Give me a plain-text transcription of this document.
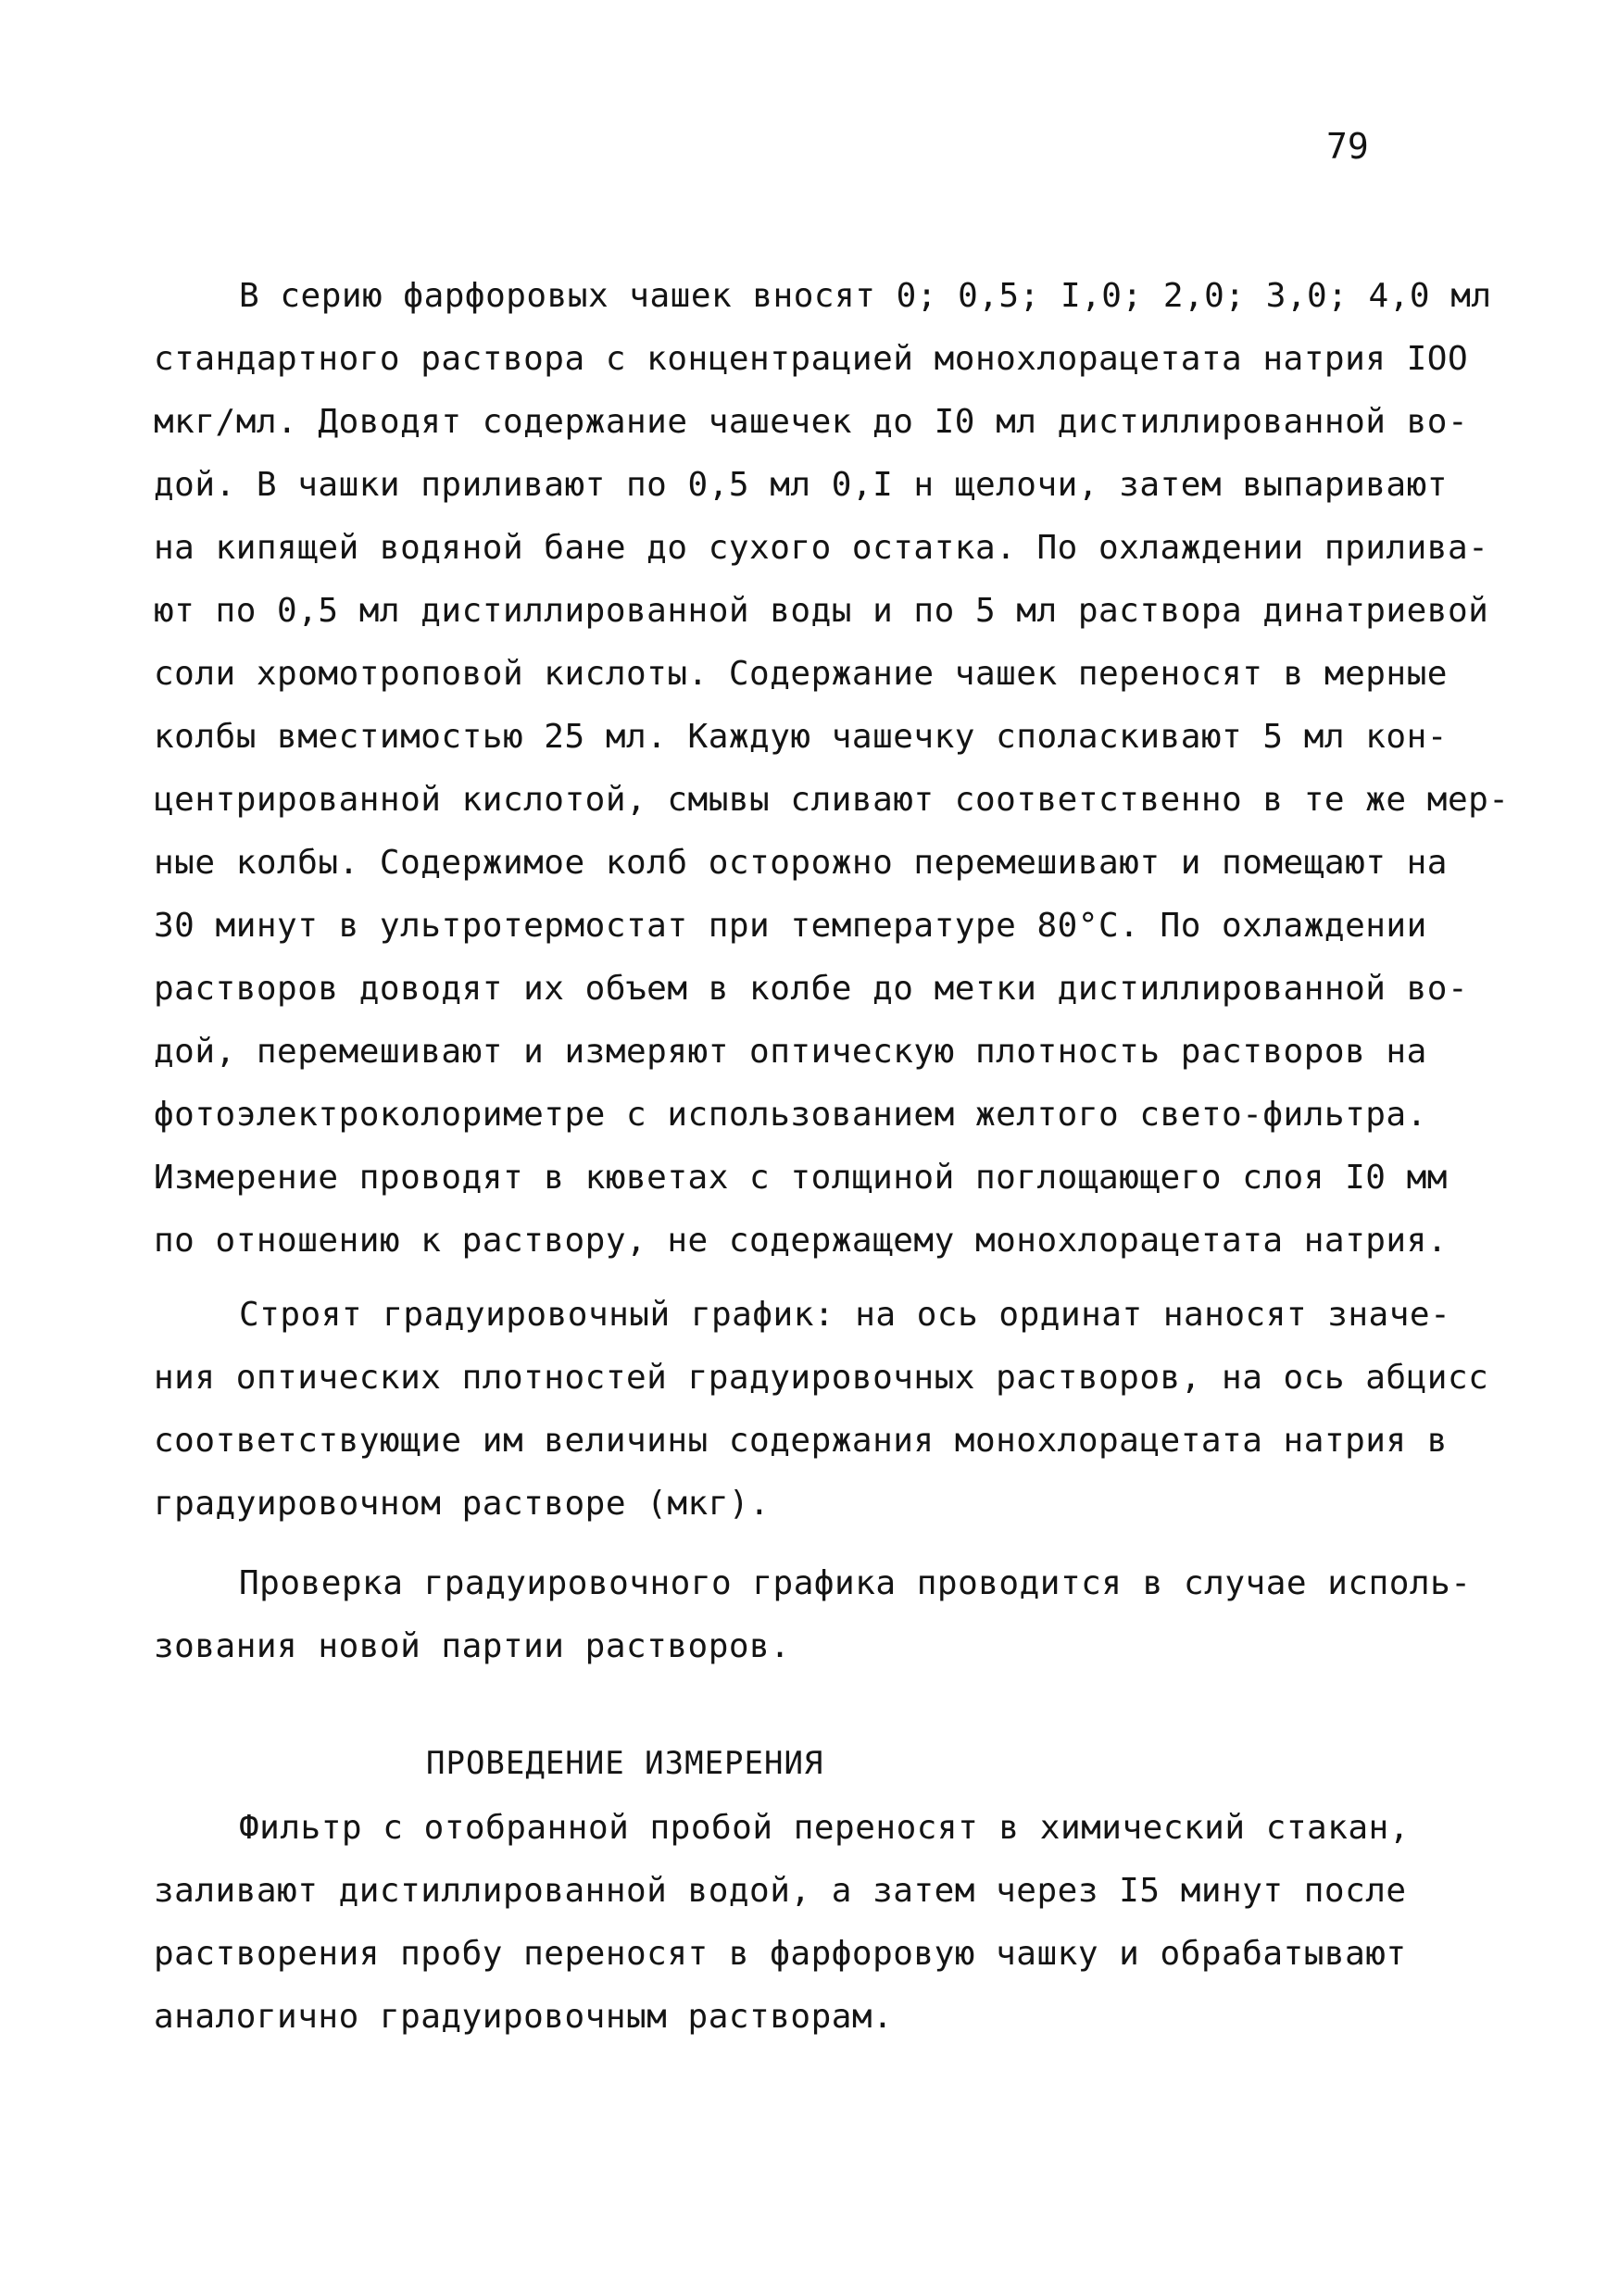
79
В серию фарфоровых чашек вносят 0; 0,5; I,0; 2,0; 3,0; 4,0 мл
стандартного раствора с концентрацией монохлорацетата натрия IOO
мкг/мл. Доводят содержание чашечек до I0 мл дистиллированной во-
дой. В чашки приливают по 0,5 мл 0,I н щелочи, затем выпаривают
на кипящей водяной бане до сухого остатка. По охлаждении прилива-
ют по 0,5 мл дистиллированной воды и по 5 мл раствора динатриевой
соли хромотроповой кислоты. Содержание чашек переносят в мерные
колбы вместимостью 25 мл. Каждую чашечку споласкивают 5 мл кон-
центрированной кислотой, смывы сливают соответственно в те же мер-
ные колбы. Содержимое колб осторожно перемешивают и помещают на
30 минут в ультротермостат при температуре 80°С. По охлаждении
растворов доводят их объем в колбе до метки дистиллированной во-
дой, перемешивают и измеряют оптическую плотность растворов на
фотоэлектроколориметре с использованием желтого свето-фильтра.
Измерение проводят в кюветах с толщиной поглощающего слоя I0 мм
по отношению к раствору, не содержащему монохлорацетата натрия.
Строят градуировочный график: на ось ординат наносят значе-
ния оптических плотностей градуировочных растворов, на ось абцисс
соответствующие им величины содержания монохлорацетата натрия в
градуировочном растворе (мкг).
Проверка градуировочного графика проводится в случае исполь-
зования новой партии растворов.
ПРОВЕДЕНИЕ ИЗМЕРЕНИЯ
Фильтр с отобранной пробой переносят в химический стакан,
заливают дистиллированной водой, а затем через I5 минут после
растворения пробу переносят в фарфоровую чашку и обрабатывают
аналогично градуировочным растворам.
